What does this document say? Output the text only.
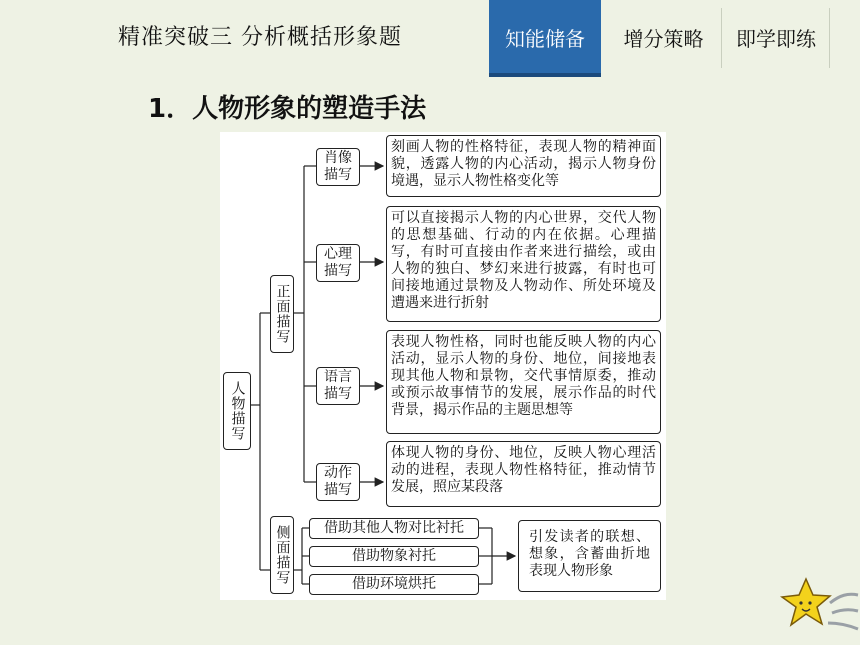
精准突破三 分析概括形象题	知能储备	增分策略	即学即练
1．人物形象的塑造手法
人物描写
正面描写
侧面描写
肖像描写
心理描写
语言描写
动作描写
刻画人物的性格特征，表现人物的精神面貌，透露人物的内心活动，揭示人物身份境遇，显示人物性格变化等
可以直接揭示人物的内心世界，交代人物的思想基础、行动的内在依据。心理描写，有时可直接由作者来进行描绘，或由人物的独白、梦幻来进行披露，有时也可间接地通过景物及人物动作、所处环境及遭遇来进行折射
表现人物性格，同时也能反映人物的内心活动，显示人物的身份、地位，间接地表现其他人物和景物，交代事情原委，推动或预示故事情节的发展，展示作品的时代背景，揭示作品的主题思想等
体现人物的身份、地位，反映人物心理活动的进程，表现人物性格特征，推动情节发展，照应某段落
借助其他人物对比衬托
借助物象衬托
借助环境烘托
引发读者的联想、想象，含蓄曲折地表现人物形象
